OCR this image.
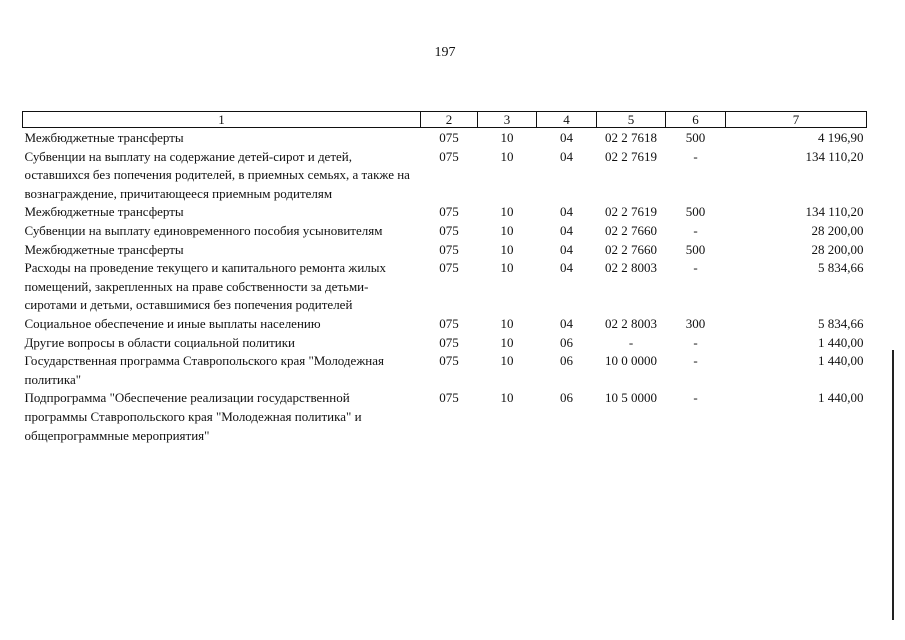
197
1	2	3	4	5	6	7
Межбюджетные трансферты	075	10	04	02 2 7618	500	4 196,90
Субвенции на выплату на содержание детей-сирот и детей, оставшихся без попечения родителей, в приемных семьях, а также на вознаграждение, причитающееся приемным родителям	075	10	04	02 2 7619	-	134 110,20
Межбюджетные трансферты	075	10	04	02 2 7619	500	134 110,20
Субвенции на выплату единовременного пособия усыновителям	075	10	04	02 2 7660	-	28 200,00
Межбюджетные трансферты	075	10	04	02 2 7660	500	28 200,00
Расходы на проведение текущего и капитального ремонта жилых помещений, закрепленных на праве собственности за детьми-сиротами и детьми, оставшимися без попечения родителей	075	10	04	02 2 8003	-	5 834,66
Социальное обеспечение и иные выплаты населению	075	10	04	02 2 8003	300	5 834,66
Другие вопросы в области социальной политики	075	10	06	-	-	1 440,00
Государственная программа Ставропольского края "Молодежная политика"	075	10	06	10 0 0000	-	1 440,00
Подпрограмма "Обеспечение реализации государственной программы Ставропольского края "Молодежная политика" и общепрограммные мероприятия"	075	10	06	10 5 0000	-	1 440,00
